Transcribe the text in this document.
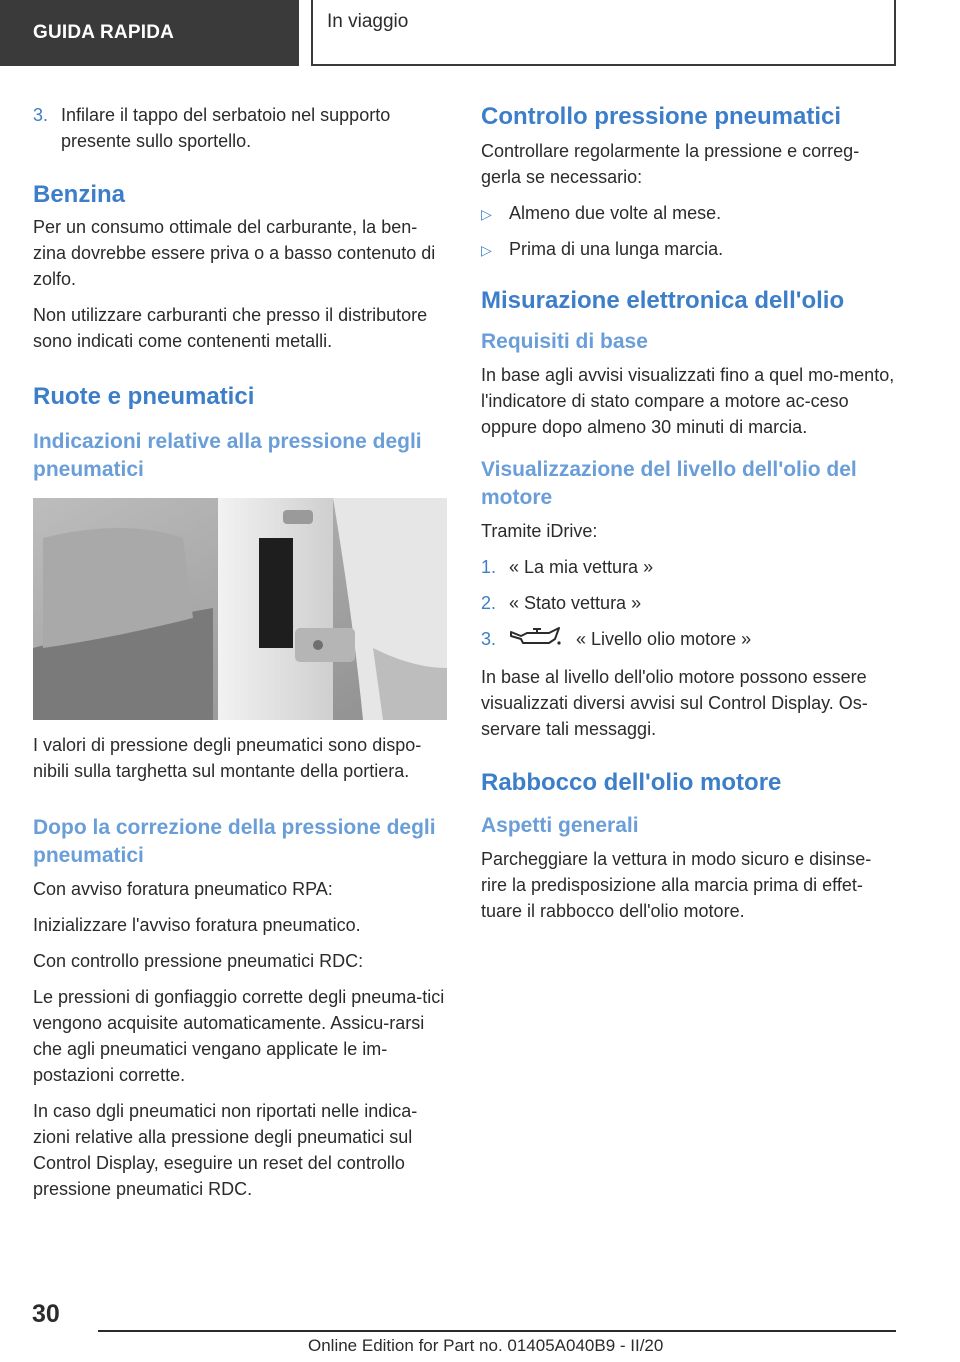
GUIDA RAPIDA
In viaggio
3. Infilare il tappo del serbatoio nel supporto presente sullo sportello.
Benzina

Per un consumo ottimale del carburante, la ben-zina dovrebbe essere priva o a basso contenuto di zolfo.

Non utilizzare carburanti che presso il distributore sono indicati come contenenti metalli.

Ruote e pneumatici
Indicazioni relative alla pressione degli pneumatici

I valori di pressione degli pneumatici sono dispo-nibili sulla targhetta sul montante della portiera.

Dopo la correzione della pressione degli pneumatici

Con avviso foratura pneumatico RPA:

Inizializzare l'avviso foratura pneumatico.

Con controllo pressione pneumatici RDC:

Le pressioni di gonfiaggio corrette degli pneuma-tici vengono acquisite automaticamente. Assicu-rarsi che agli pneumatici vengano applicate le im-postazioni corrette.

In caso dgli pneumatici non riportati nelle indica-zioni relative alla pressione degli pneumatici sul Control Display, eseguire un reset del controllo pressione pneumatici RDC.

Controllo pressione pneumatici

Controllare regolarmente la pressione e correg-gerla se necessario:

▷ Almeno due volte al mese.
▷ Prima di una lunga marcia.
Misurazione elettronica dell'olio
Requisiti di base

In base agli avvisi visualizzati fino a quel mo-mento, l'indicatore di stato compare a motore ac-ceso oppure dopo almeno 30 minuti di marcia.

Visualizzazione del livello dell'olio del motore

Tramite iDrive:

1. « La mia vettura »
2. « Stato vettura »
3.	« Livello olio motore »

In base al livello dell'olio motore possono essere visualizzati diversi avvisi sul Control Display. Os-servare tali messaggi.

Rabbocco dell'olio motore
Aspetti generali

Parcheggiare la vettura in modo sicuro e disinse-rire la predisposizione alla marcia prima di effet-tuare il rabbocco dell'olio motore.

30
Online Edition for Part no. 01405A040B9 - II/20
